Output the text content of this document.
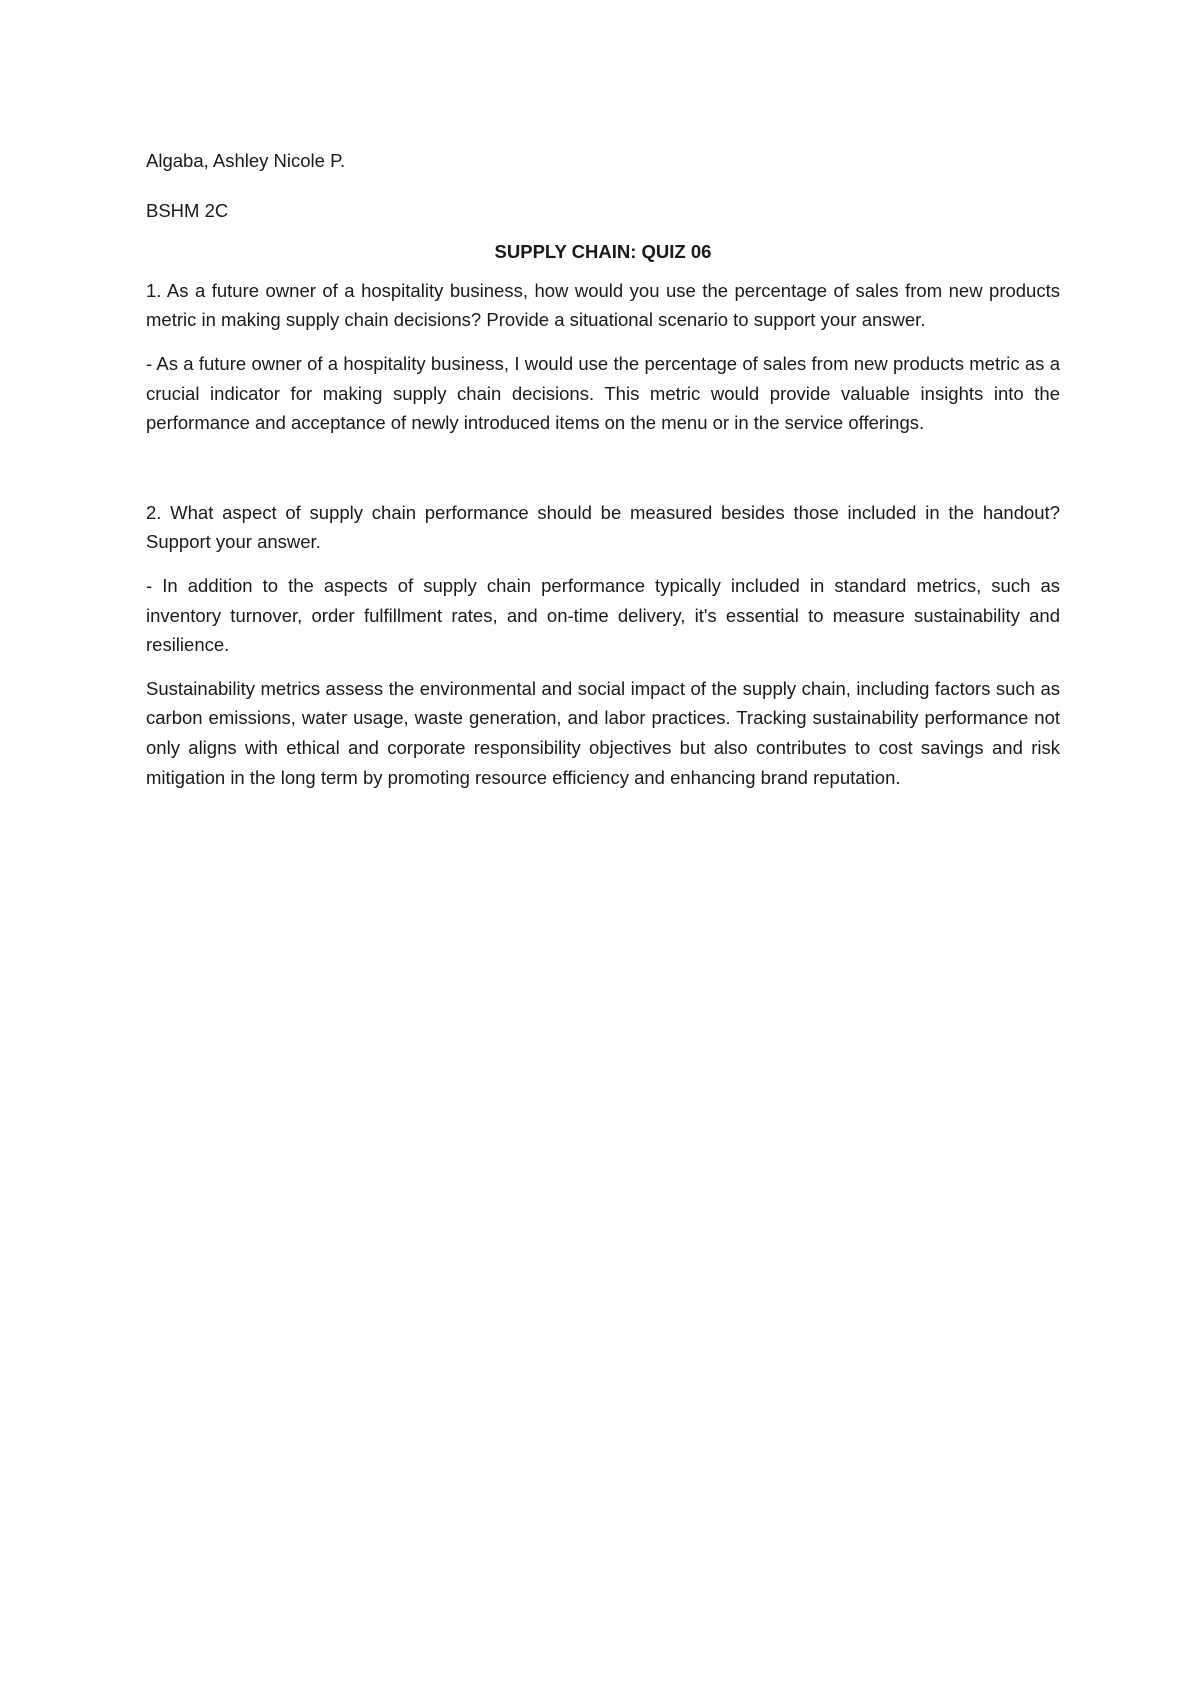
Algaba, Ashley Nicole P.

BSHM 2C

SUPPLY CHAIN: QUIZ 06

1. As a future owner of a hospitality business, how would you use the percentage of sales from new products metric in making supply chain decisions? Provide a situational scenario to support your answer.

- As a future owner of a hospitality business, I would use the percentage of sales from new products metric as a crucial indicator for making supply chain decisions. This metric would provide valuable insights into the performance and acceptance of newly introduced items on the menu or in the service offerings.

2. What aspect of supply chain performance should be measured besides those included in the handout? Support your answer.

- In addition to the aspects of supply chain performance typically included in standard metrics, such as inventory turnover, order fulfillment rates, and on-time delivery, it's essential to measure sustainability and resilience.

Sustainability metrics assess the environmental and social impact of the supply chain, including factors such as carbon emissions, water usage, waste generation, and labor practices. Tracking sustainability performance not only aligns with ethical and corporate responsibility objectives but also contributes to cost savings and risk mitigation in the long term by promoting resource efficiency and enhancing brand reputation.
